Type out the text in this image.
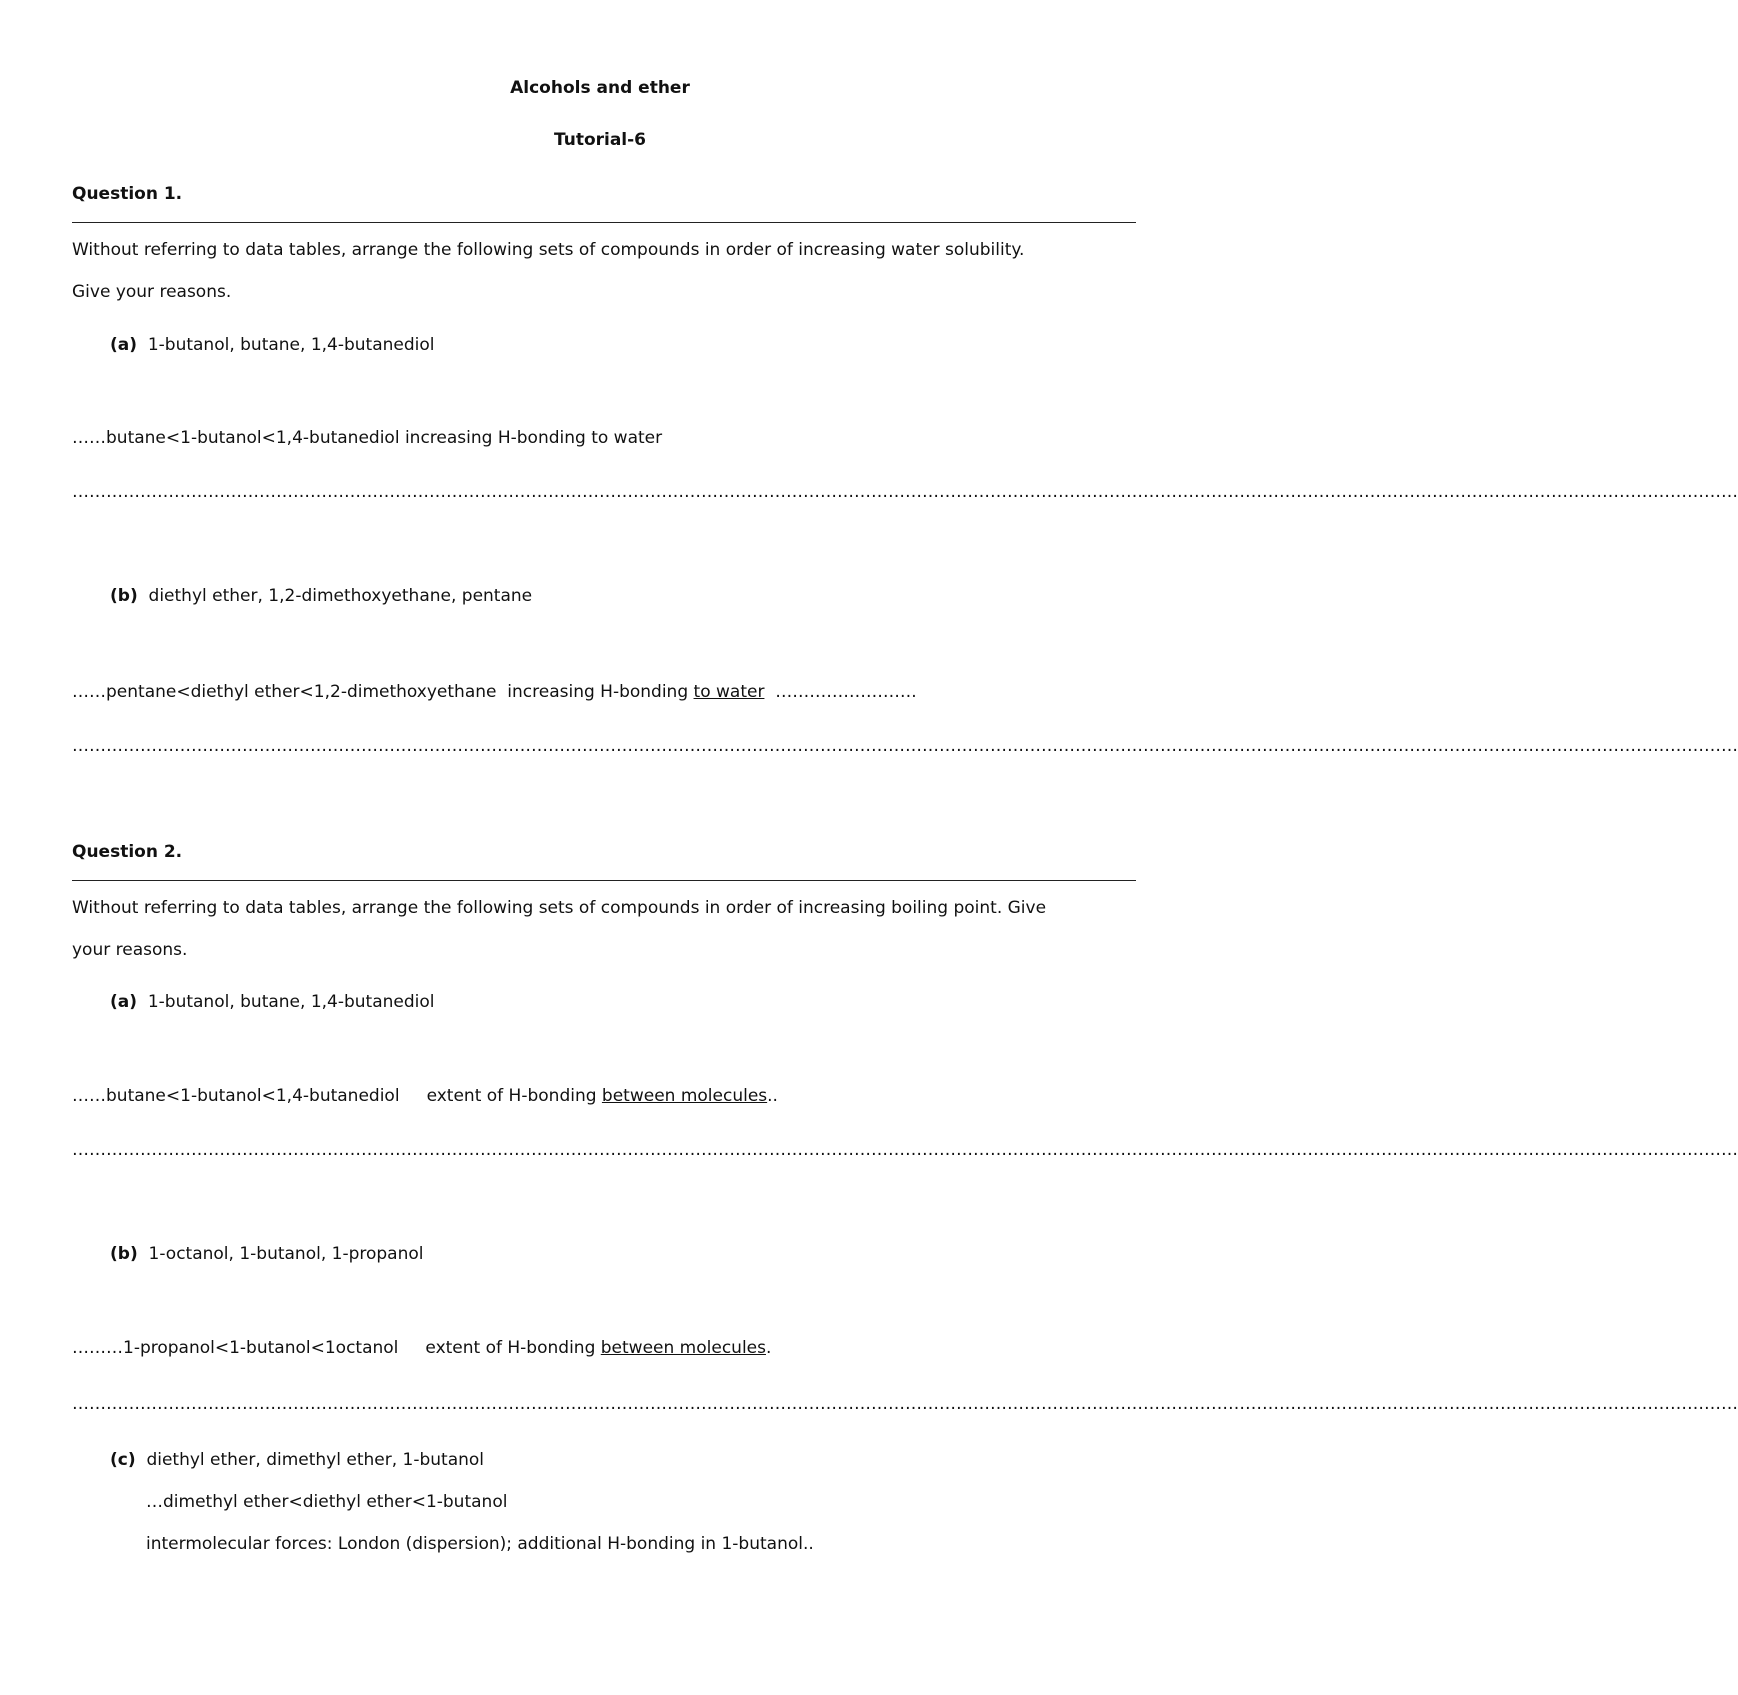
Alcohols and ether
Tutorial-6
Question 1.
Without referring to data tables, arrange the following sets of compounds in order of increasing water solubility.
Give your reasons.
(a) 1-butanol, butane, 1,4-butanediol
……butane<1-butanol<1,4-butanediol increasing H-bonding to water
……………………………………………………………………………………………………………………………………………………………………………………………………………………………………………………………………
(b) diethyl ether, 1,2-dimethoxyethane, pentane
……pentane<diethyl ether<1,2-dimethoxyethane  increasing H-bonding to water  …………………….
……………………………………………………………………………………………………………………………………………………………………………………………………………………………………………………………………
Question 2.
Without referring to data tables, arrange the following sets of compounds in order of increasing boiling point. Give
your reasons.
(a) 1-butanol, butane, 1,4-butanediol
……butane<1-butanol<1,4-butanediol     extent of H-bonding between molecules..
……………………………………………………………………………………………………………………………………………………………………………………………………………………………………………………………………
(b) 1-octanol, 1-butanol, 1-propanol
………1-propanol<1-butanol<1octanol     extent of H-bonding between molecules.
……………………………………………………………………………………………………………………………………………………………………………………………………………………………………………………………………
(c) diethyl ether, dimethyl ether, 1-butanol
…dimethyl ether<diethyl ether<1-butanol
intermolecular forces: London (dispersion); additional H-bonding in 1-butanol..
